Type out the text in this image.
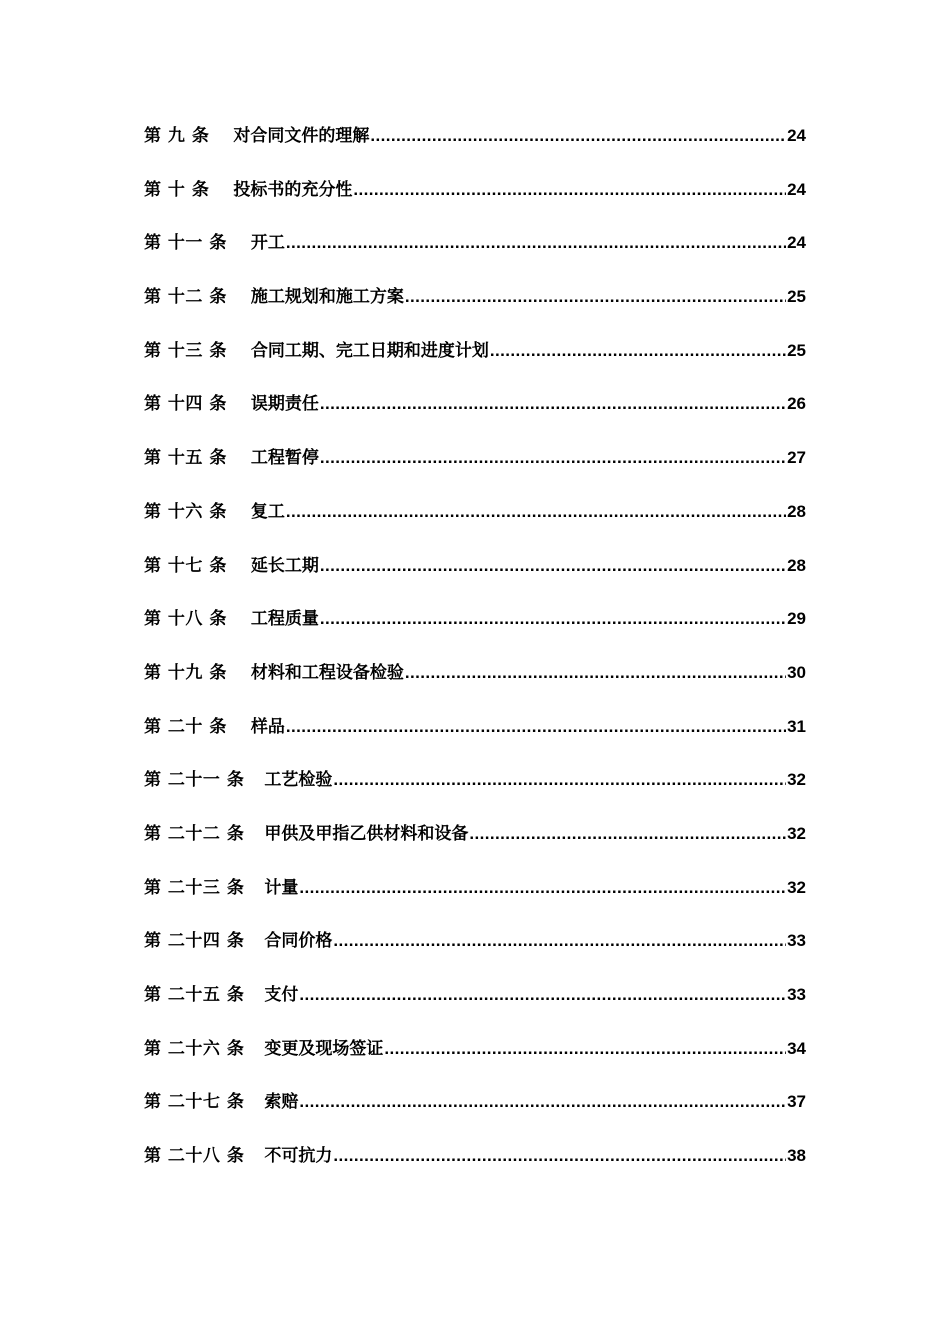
第 九 条 对合同文件的理解 .....	24
第 十 条 投标书的充分性 .....	24
第 十一 条 开工 .....	24
第 十二 条 施工规划和施工方案 .....	25
第 十三 条 合同工期、完工日期和进度计划 .....	25
第 十四 条 误期责任 .....	26
第 十五 条 工程暂停 .....	27
第 十六 条 复工 .....	28
第 十七 条 延长工期 .....	28
第 十八 条 工程质量 .....	29
第 十九 条 材料和工程设备检验 .....	30
第 二十 条 样品 .....	31
第 二十一 条 工艺检验 .....	32
第 二十二 条 甲供及甲指乙供材料和设备 .....	32
第 二十三 条 计量 .....	32
第 二十四 条 合同价格 .....	33
第 二十五 条 支付 .....	33
第 二十六 条 变更及现场签证 .....	34
第 二十七 条 索赔 .....	37
第 二十八 条 不可抗力 .....	38
